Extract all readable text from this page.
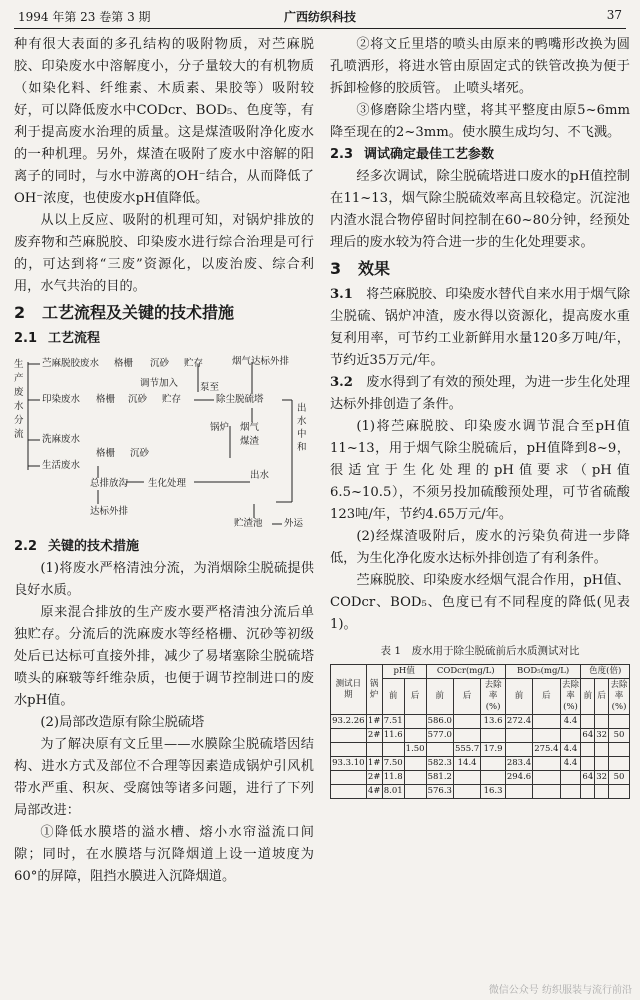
1994 年第 23 卷第 3 期	广西纺织科技	37

种有很大表面的多孔结构的吸附物质，对苎麻脱胶、印染废水中溶解度小，分子量较大的有机物质（如染化料、纤维素、木质素、果胶等）吸附较好，可以降低废水中CODcr、BOD₅、色度等，有利于提高废水治理的质量。这是煤渣吸附净化废水的一种机理。另外，煤渣在吸附了废水中溶解的阳离子的同时，与水中游离的OH⁻结合，从而降低了OH⁻浓度，也使废水pH值降低。

从以上反应、吸附的机理可知，对锅炉排放的废弃物和苎麻脱胶、印染废水进行综合治理是可行的，可达到将“三废”资源化，以废治废、综合利用，水气共治的目的。

2 工艺流程及关键的技术措施
2.1 工艺流程
生产废水分流
苎麻脱胶废水 格栅 沉砂 贮存
调节加入
烟气达标外排
印染废水 格栅 沉砂 贮存
泵至
除尘脱硫塔
出水中和
洗麻废水
锅炉 烟气
煤渣
格栅 沉砂
生活废水
出水
总排放沟 生化处理
达标外排
贮渣池 外运
2.2 关键的技术措施

(1)将废水严格清浊分流，为消烟除尘脱硫提供良好水质。

原来混合排放的生产废水要严格清浊分流后单独贮存。分流后的洗麻废水等经格栅、沉砂等初级处后已达标可直接外排，减少了易堵塞除尘脱硫塔喷头的麻皲等纤维杂质，也便于调节控制进口的废水pH值。

(2)局部改造原有除尘脱硫塔

为了解决原有文丘里——水膜除尘脱硫塔因结构、进水方式及部位不合理等因素造成锅炉引风机带水严重、积灰、受腐蚀等诸多问题，进行了下列局部改进：

①降低水膜塔的溢水槽、熔小水帘溢流口间隙；同时，在水膜塔与沉降烟道上设一道坡度为60°的屏障，阻挡水膜进入沉降烟道。

②将文丘里塔的喷头由原来的鸭嘴形改换为圆孔喷洒形，将进水管由原固定式的铁管改换为便于拆卸检修的胶质管。 止喷头堵死。

③修磨除尘塔内壁，将其平整度由原5~6mm降至现在的2~3mm。使水膜生成均匀、不飞溅。

2.3 调试确定最佳工艺参数

经多次调试，除尘脱硫塔进口废水的pH值控制在11~13，烟气除尘脱硫效率高且较稳定。沉淀池内渣水混合物停留时间控制在60~80分钟，经预处理后的废水较为符合进一步的生化处理要求。

3 效果

3.1　 将苎麻脱胶、印染废水替代自来水用于烟气除尘脱硫、锅炉冲渣，废水得以资源化，提高废水重复利用率，可节约工业新鲜用水量120多万吨/年，节约近35万元/年。

3.2　 废水得到了有效的预处理，为进一步生化处理达标外排创造了条件。

(1)将苎麻脱胶、印染废水调节混合至pH值11~13，用于烟气除尘脱硫后，pH值降到8~9，很适宜于生化处理的pH值要求（pH值6.5~10.5），不须另投加硫酸预处理，可节省硫酸123吨/年，节约4.65万元/年。

(2)经煤渣吸附后，废水的污染负荷进一步降低，为生化净化废水达标外排创造了有利条件。

苎麻脱胶、印染废水经烟气混合作用，pH值、CODcr、BOD₅、色度已有不同程度的降低(见表1)。

表 1　废水用于除尘脱硫前后水质测试对比
测试日期	锅炉	pH值		CODcr(mg/L)			BOD₅(mg/L)			色度(倍)		
		前	后	前	后	去除率(%)	前	后	去除率(%)	前	后	去除率(%)
93.2.26	1#	7.51		586.0		13.6	272.4		4.4			
	2#	11.6		577.0						64	32	50
			1.50		555.7	17.9		275.4	4.4			
93.3.10	1#	7.50		582.3	14.4		283.4		4.4			
	2#	11.8		581.2			294.6			64	32	50
	4#	8.01		576.3		16.3						
微信公众号 纺织服装与流行前沿
